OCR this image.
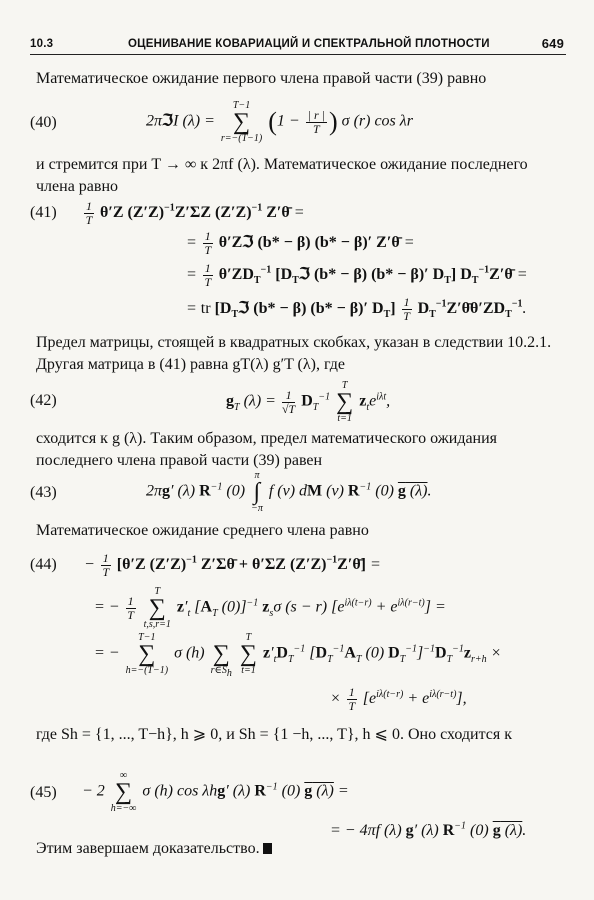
10.3	ОЦЕНИВАНИЕ КОВАРИАЦИЙ И СПЕКТРАЛЬНОЙ ПЛОТНОСТИ	649
Математическое ожидание первого члена правой части (39) равно
(40)	2πℑI (λ) =
T−1
∑
r=−(T−1)
($1 - \frac{| r |}{T}$ ) σ (r) cos λr
и стремится при T → ∞ к 2πf (λ). Математическое ожидание последнего члена равно
$(41) \frac{1}{T} \theta'Z$ $(Z'Z)^{-1}Z'\Sigma Z$ $(Z'Z)^{-1}$ Z′θ̄ =
= $\frac{1}{T}$ θ′Zℑ (b* − β) (b* − β)′ Z′θ̄ =
= $\frac{1}{T} \theta'ZD_T^{-1}$ [$D_Tℑ$ (b* − β) (b* − β)′ $D_T$] $D_T^{-1}Z'\thetā$ =
= tr [$D_Tℑ$ (b* − β) (b* − β)′ $D_T] \frac{1}{T}$ $D_T^{-1}Z'\thetā\theta'ZD_T^{-1}$.
Предел матрицы, стоящей в квадратных скобках, указан в следствии 10.2.1. Другая матрица в (41) равна gT(λ) g′T (λ), где
(42)	$g_T$ $(\lambda) = \frac{1}{√T} D_T^{-1}$
T
∑
t=1
$z_te^{i\lambda t}$,
сходится к g (λ). Таким образом, предел математического ожидания последнего члена правой части (39) равен
(43)	2πg′ (λ) $R^{-1}$ (0)
π
∫
−π
f (ν) dM (ν) $R^{-1}$ (0) g (λ).
Математическое ожидание среднего члена равно
$(44) - \frac{1}{T} [\theta'Z$ $(Z'Z)^{-1}$ Z′Σθ̄ + θ′ΣZ $(Z'Z)^{-1}Z'\thetā$] =
= − $\frac{1}{T}$

T
∑
t,s,r=1
$z'_t$ [$A_T$ (0)]$^{-1}$ $z_s\sigma$ (s − r) $[e^{i\lambda(t-r)} + e^{i\lambda(r-t)}]$ =
= −
T−1
∑
h=−(T−1)
σ (h)
∑
$r\in S_h$

T
∑
t=1
$z'_tD_T^{-1}$ [$D_T^{-1}A_T$ (0) $D_T^{-1}]^{-1}D_T^{-1}z_{r+h}$ ×
× $\frac{1}{T} [e^{i\lambda(t-r)} + e^{i\lambda(r-t)}]$,
где Sh = {1, ..., T−h}, h ⩾ 0, и Sh = {1 −h, ..., T}, h ⩽ 0. Оно сходится к
(45) − 2
∞
∑
h=−∞
σ (h) cos λhg′ (λ) $R^{-1}$ (0) g (λ) =
= − 4πf (λ) g′ (λ) $R^{-1}$ (0) g (λ).
Этим завершаем доказательство.
